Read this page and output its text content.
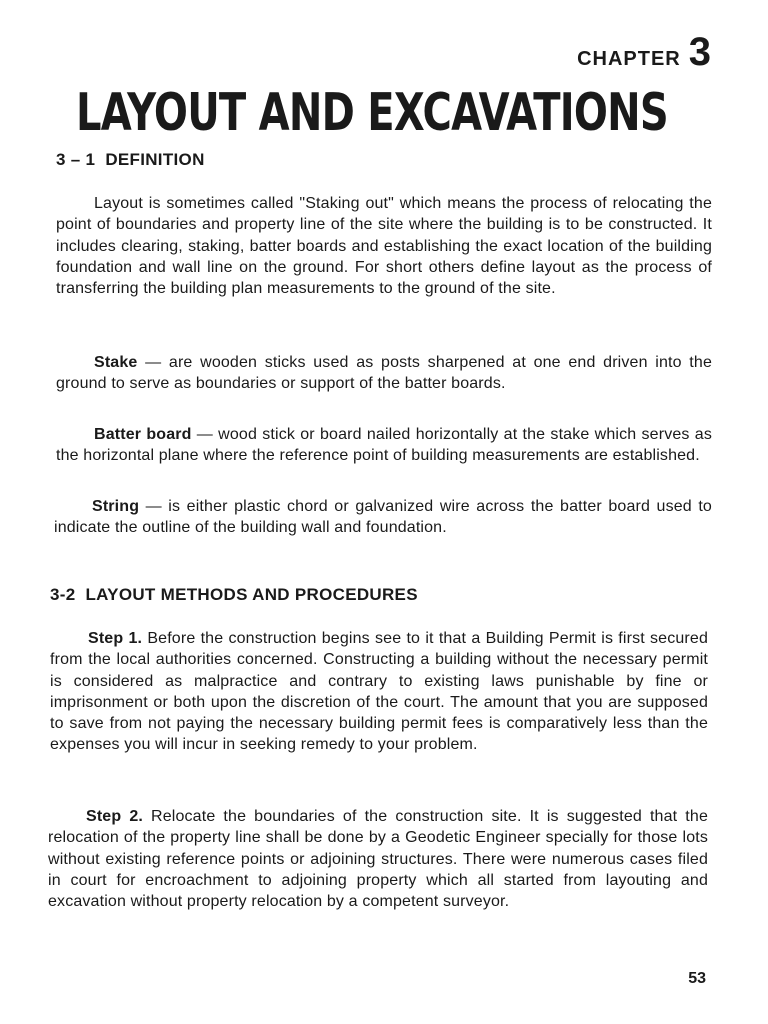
CHAPTER 3
LAYOUT AND EXCAVATIONS
3 – 1 DEFINITION

Layout is sometimes called "Staking out" which means the process of relocating the point of boundaries and property line of the site where the building is to be constructed. It includes clearing, staking, batter boards and establishing the exact location of the building foundation and wall line on the ground. For short others define layout as the process of transferring the building plan measurements to the ground of the site.

Stake — are wooden sticks used as posts sharpened at one end driven into the ground to serve as boundaries or support of the batter boards.

Batter board — wood stick or board nailed horizontally at the stake which serves as the horizontal plane where the reference point of building measurements are established.

String — is either plastic chord or galvanized wire across the batter board used to indicate the outline of the building wall and foundation.

3-2 LAYOUT METHODS AND PROCEDURES

Step 1. Before the construction begins see to it that a Building Permit is first secured from the local authorities concerned. Constructing a building without the necessary permit is considered as malpractice and contrary to existing laws punishable by fine or imprisonment or both upon the discretion of the court. The amount that you are supposed to save from not paying the necessary building permit fees is comparatively less than the expenses you will incur in seeking remedy to your problem.

Step 2. Relocate the boundaries of the construction site. It is suggested that the relocation of the property line shall be done by a Geodetic Engineer specially for those lots without existing reference points or adjoining structures. There were numerous cases filed in court for encroachment to adjoining property which all started from layouting and excavation without property relocation by a competent surveyor.

53
